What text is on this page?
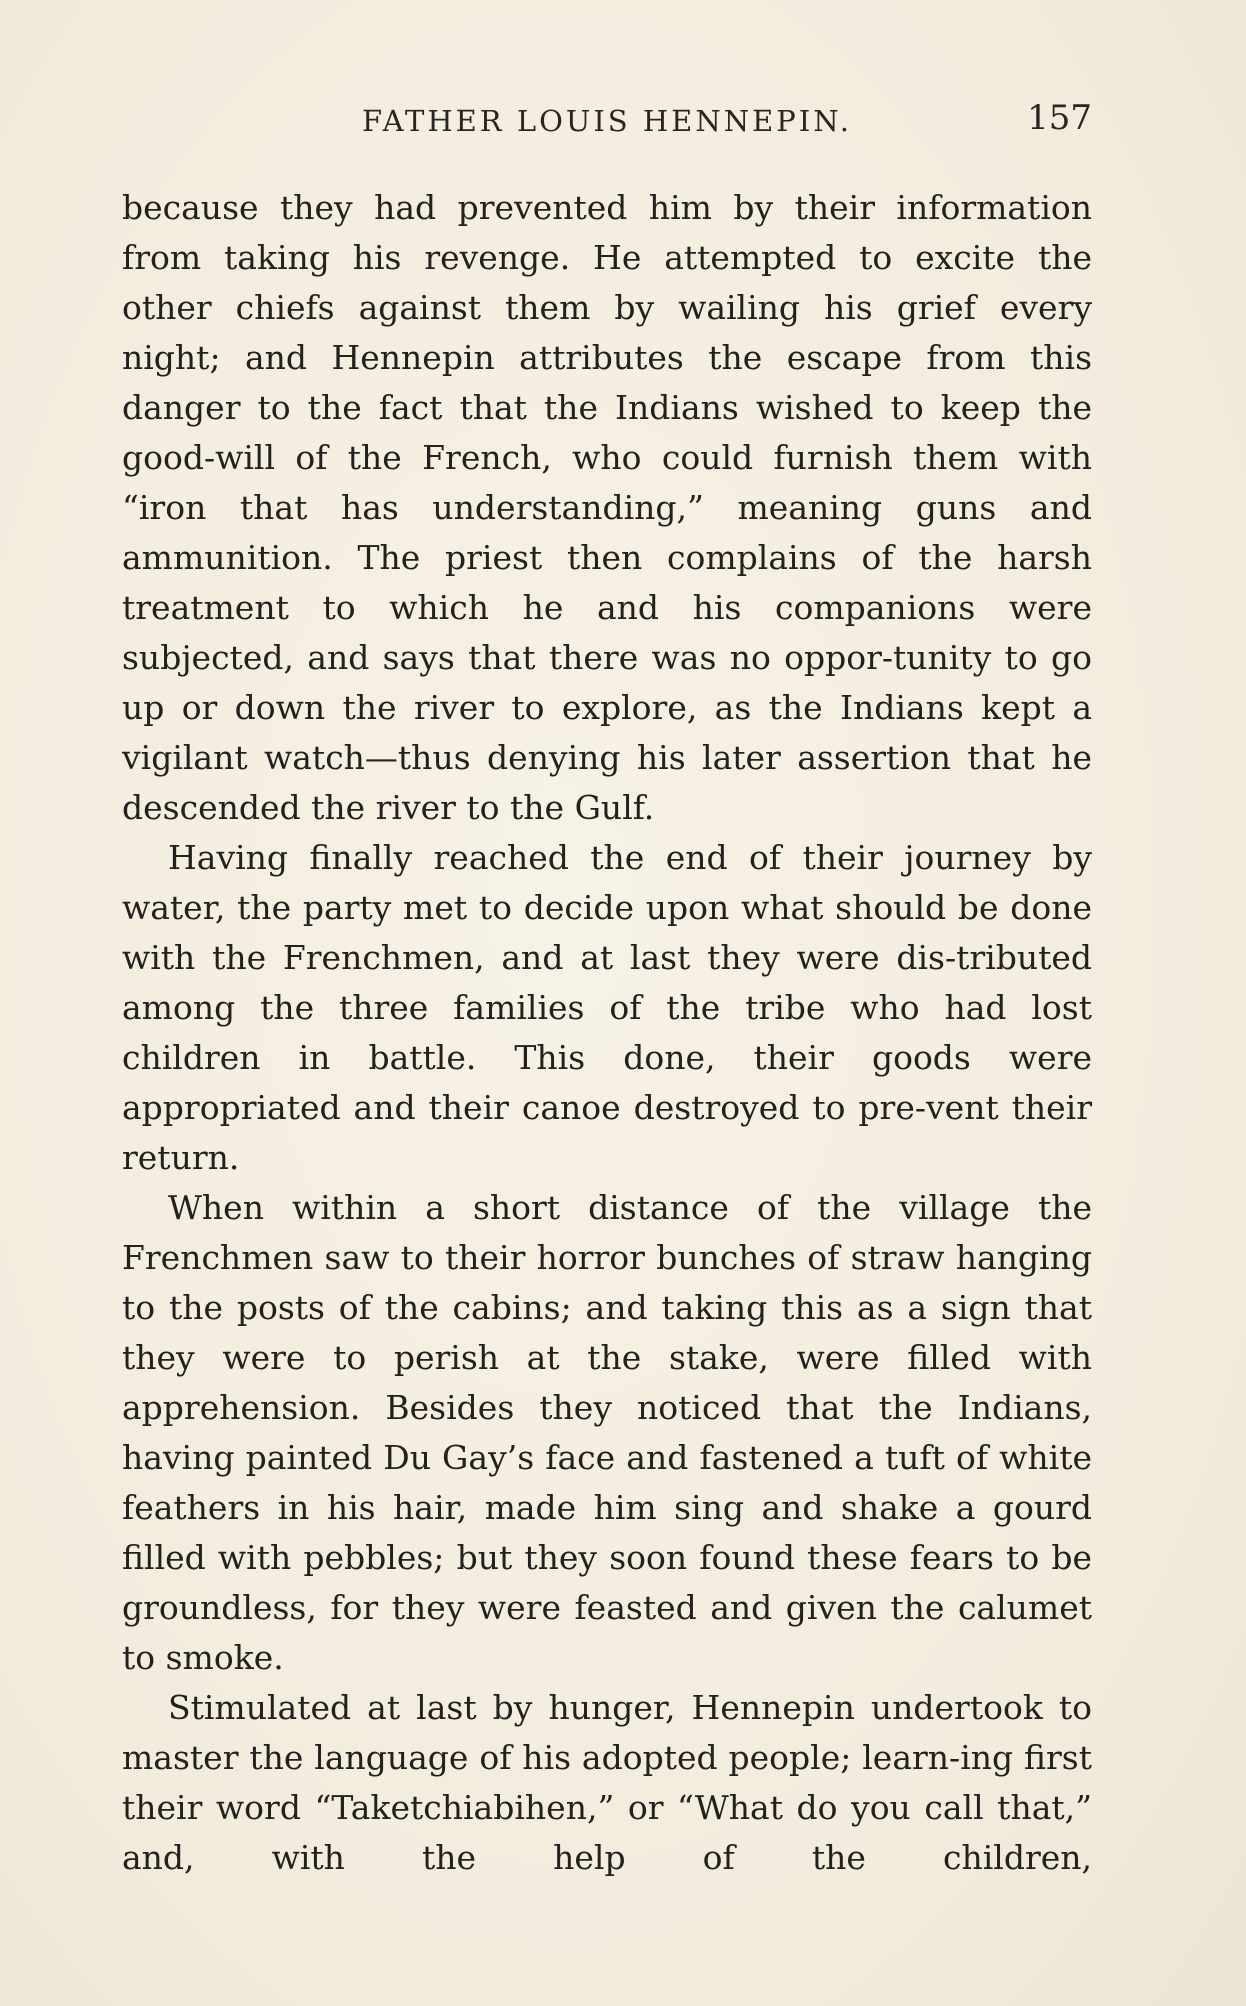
FATHER LOUIS HENNEPIN.	157

because they had prevented him by their information from taking his revenge. He attempted to excite the other chiefs against them by wailing his grief every night; and Hennepin attributes the escape from this danger to the fact that the Indians wished to keep the good-will of the French, who could furnish them with “iron that has understanding,” meaning guns and ammunition. The priest then complains of the harsh treatment to which he and his companions were subjected, and says that there was no oppor-tunity to go up or down the river to explore, as the Indians kept a vigilant watch—thus denying his later assertion that he descended the river to the Gulf.

Having finally reached the end of their journey by water, the party met to decide upon what should be done with the Frenchmen, and at last they were dis-tributed among the three families of the tribe who had lost children in battle. This done, their goods were appropriated and their canoe destroyed to pre-vent their return.

When within a short distance of the village the Frenchmen saw to their horror bunches of straw hanging to the posts of the cabins; and taking this as a sign that they were to perish at the stake, were filled with apprehension. Besides they noticed that the Indians, having painted Du Gay’s face and fastened a tuft of white feathers in his hair, made him sing and shake a gourd filled with pebbles; but they soon found these fears to be groundless, for they were feasted and given the calumet to smoke.

Stimulated at last by hunger, Hennepin undertook to master the language of his adopted people; learn-ing first their word “Taketchiabihen,” or “What do you call that,” and, with the help of the children,
